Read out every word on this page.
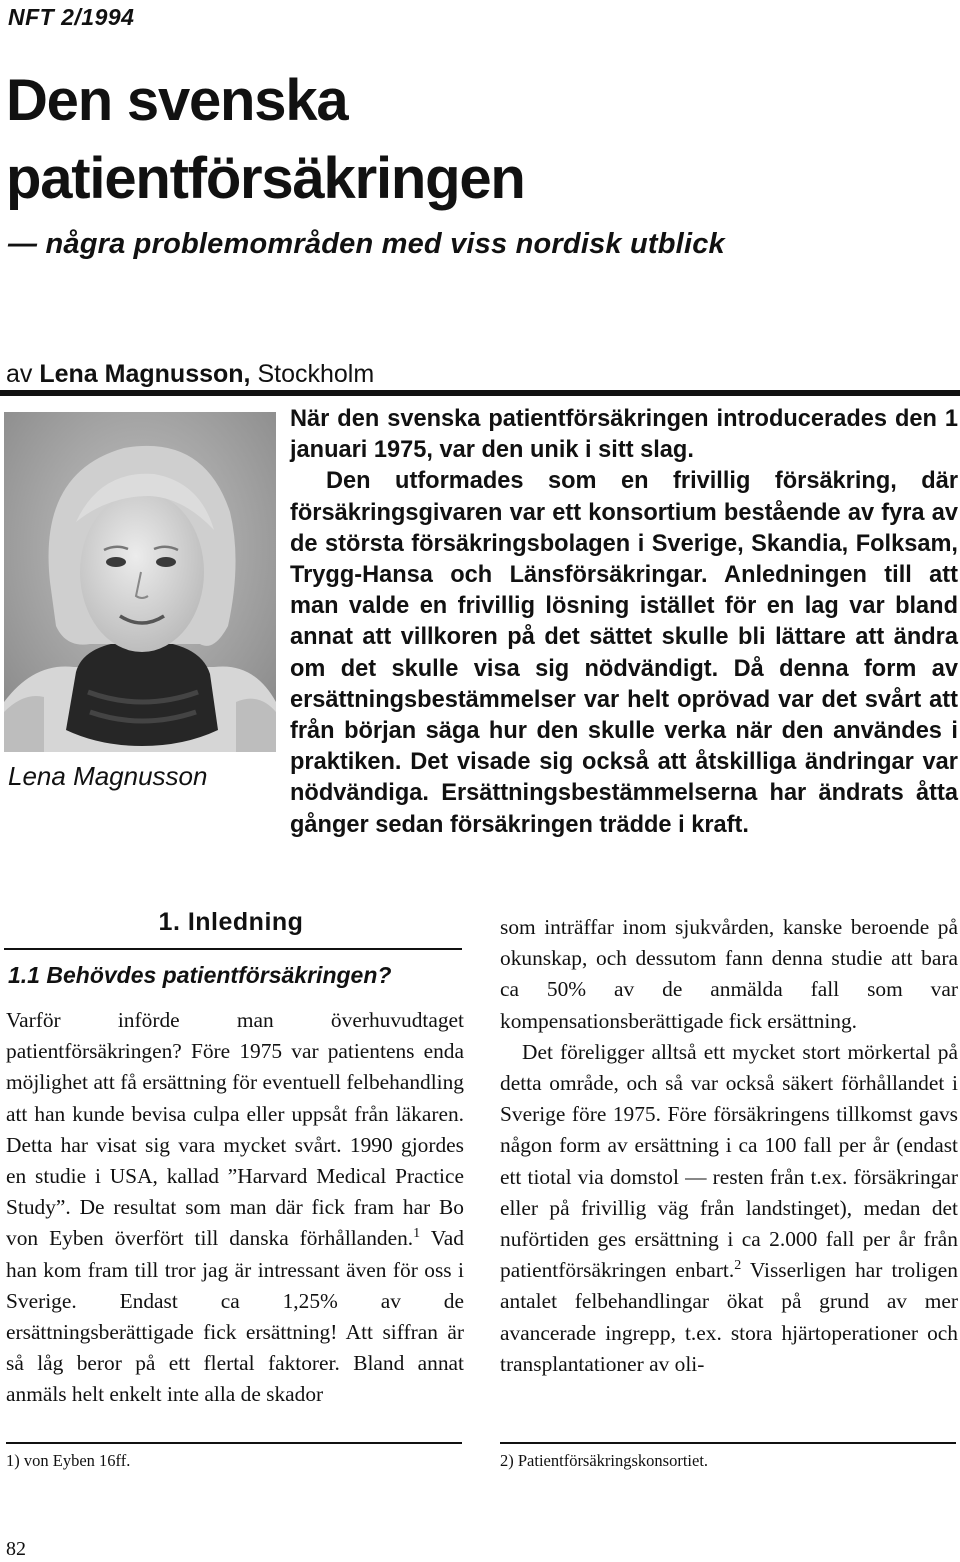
NFT 2/1994
Den svenska
patientförsäkringen
— några problemområden med viss nordisk utblick
av Lena Magnusson, Stockholm
Lena Magnusson

När den svenska patientförsäkringen introducerades den 1 januari 1975, var den unik i sitt slag.

Den utformades som en frivillig försäkring, där försäkringsgivaren var ett konsortium bestående av fyra av de största försäkringsbolagen i Sverige, Skandia, Folksam, Trygg-Hansa och Länsförsäkringar. Anledningen till att man valde en frivillig lösning istället för en lag var bland annat att villkoren på det sättet skulle bli lättare att ändra om det skulle visa sig nödvändigt. Då denna form av ersättningsbestämmelser var helt oprövad var det svårt att från början säga hur den skulle verka när den användes i praktiken. Det visade sig också att åtskilliga ändringar var nödvändiga. Ersättningsbestämmelserna har ändrats åtta gånger sedan försäkringen trädde i kraft.

1. Inledning
1.1 Behövdes patientförsäkringen?

Varför införde man överhuvudtaget patientförsäkringen? Före 1975 var patientens enda möjlighet att få ersättning för eventuell felbehandling att han kunde bevisa culpa eller uppsåt från läkaren. Detta har visat sig vara mycket svårt. 1990 gjordes en studie i USA, kallad ”Harvard Medical Practice Study”. De resultat som man där fick fram har Bo von Eyben överfört till danska förhållanden.$^1$ Vad han kom fram till tror jag är intressant även för oss i Sverige. Endast ca 1,25% av de ersättningsberättigade fick ersättning! Att siffran är så låg beror på ett flertal faktorer. Bland annat anmäls helt enkelt inte alla de skador

som inträffar inom sjukvården, kanske beroende på okunskap, och dessutom fann denna studie att bara ca 50% av de anmälda fall som var kompensationsberättigade fick ersättning.

Det föreligger alltså ett mycket stort mörkertal på detta område, och så var också säkert förhållandet i Sverige före 1975. Före försäkringens tillkomst gavs någon form av ersättning i ca 100 fall per år (endast ett tiotal via domstol — resten från t.ex. försäkringar eller på frivillig väg från landstinget), medan det nuförtiden ges ersättning i ca 2.000 fall per år från patientförsäkringen enbart.$^2$ Visserligen har troligen antalet felbehandlingar ökat på grund av mer avancerade ingrepp, t.ex. stora hjärtoperationer och transplantationer av oli-

1) von Eyben 16ff.	2) Patientförsäkringskonsortiet.
82
